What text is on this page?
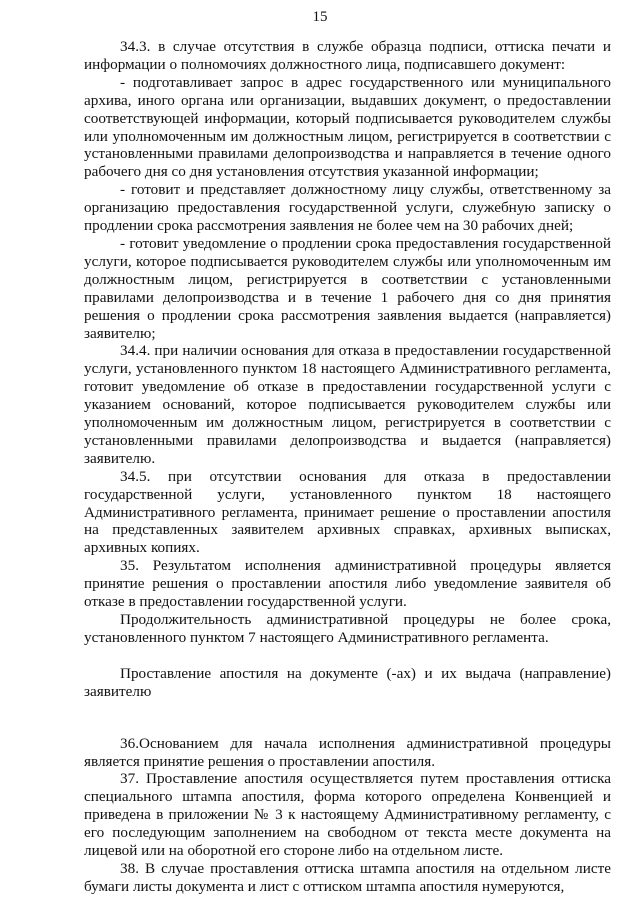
15

34.3. в случае отсутствия в службе образца подписи, оттиска печати и информации о полномочиях должностного лица, подписавшего документ:

- подготавливает запрос в адрес государственного или муниципального архива, иного органа или организации, выдавших документ, о предоставлении соответствующей информации, который подписывается руководителем службы или уполномоченным им должностным лицом, регистрируется в соответствии с установленными правилами делопроизводства и направляется в течение одного рабочего дня со дня установления отсутствия указанной информации;

- готовит и представляет должностному лицу службы, ответственному за организацию предоставления государственной услуги, служебную записку о продлении срока рассмотрения заявления не более чем на 30 рабочих дней;

- готовит уведомление о продлении срока предоставления государственной услуги, которое подписывается руководителем службы или уполномоченным им должностным лицом, регистрируется в соответствии с установленными правилами делопроизводства и в течение 1 рабочего дня со дня принятия решения о продлении срока рассмотрения заявления выдается (направляется) заявителю;

34.4. при наличии основания для отказа в предоставлении государственной услуги, установленного пунктом 18 настоящего Административного регламента, готовит уведомление об отказе в предоставлении государственной услуги с указанием оснований, которое подписывается руководителем службы или уполномоченным им должностным лицом, регистрируется в соответствии с установленными правилами делопроизводства и выдается (направляется) заявителю.

34.5. при отсутствии основания для отказа в предоставлении государственной услуги, установленного пунктом 18 настоящего Административного регламента, принимает решение о проставлении апостиля на представленных заявителем архивных справках, архивных выписках, архивных копиях.

35. Результатом исполнения административной процедуры является принятие решения о проставлении апостиля либо уведомление заявителя об отказе в предоставлении государственной услуги.

Продолжительность административной процедуры не более срока, установленного пунктом 7 настоящего Административного регламента.

Проставление апостиля на документе (-ах) и их выдача (направление) заявителю

36.Основанием для начала исполнения административной процедуры является принятие решения о проставлении апостиля.

37. Проставление апостиля осуществляется путем проставления оттиска специального штампа апостиля, форма которого определена Конвенцией и приведена в приложении № 3 к настоящему Административному регламенту, с его последующим заполнением на свободном от текста месте документа на лицевой или на оборотной его стороне либо на отдельном листе.

38. В случае проставления оттиска штампа апостиля на отдельном листе бумаги листы документа и лист с оттиском штампа апостиля нумеруются,
